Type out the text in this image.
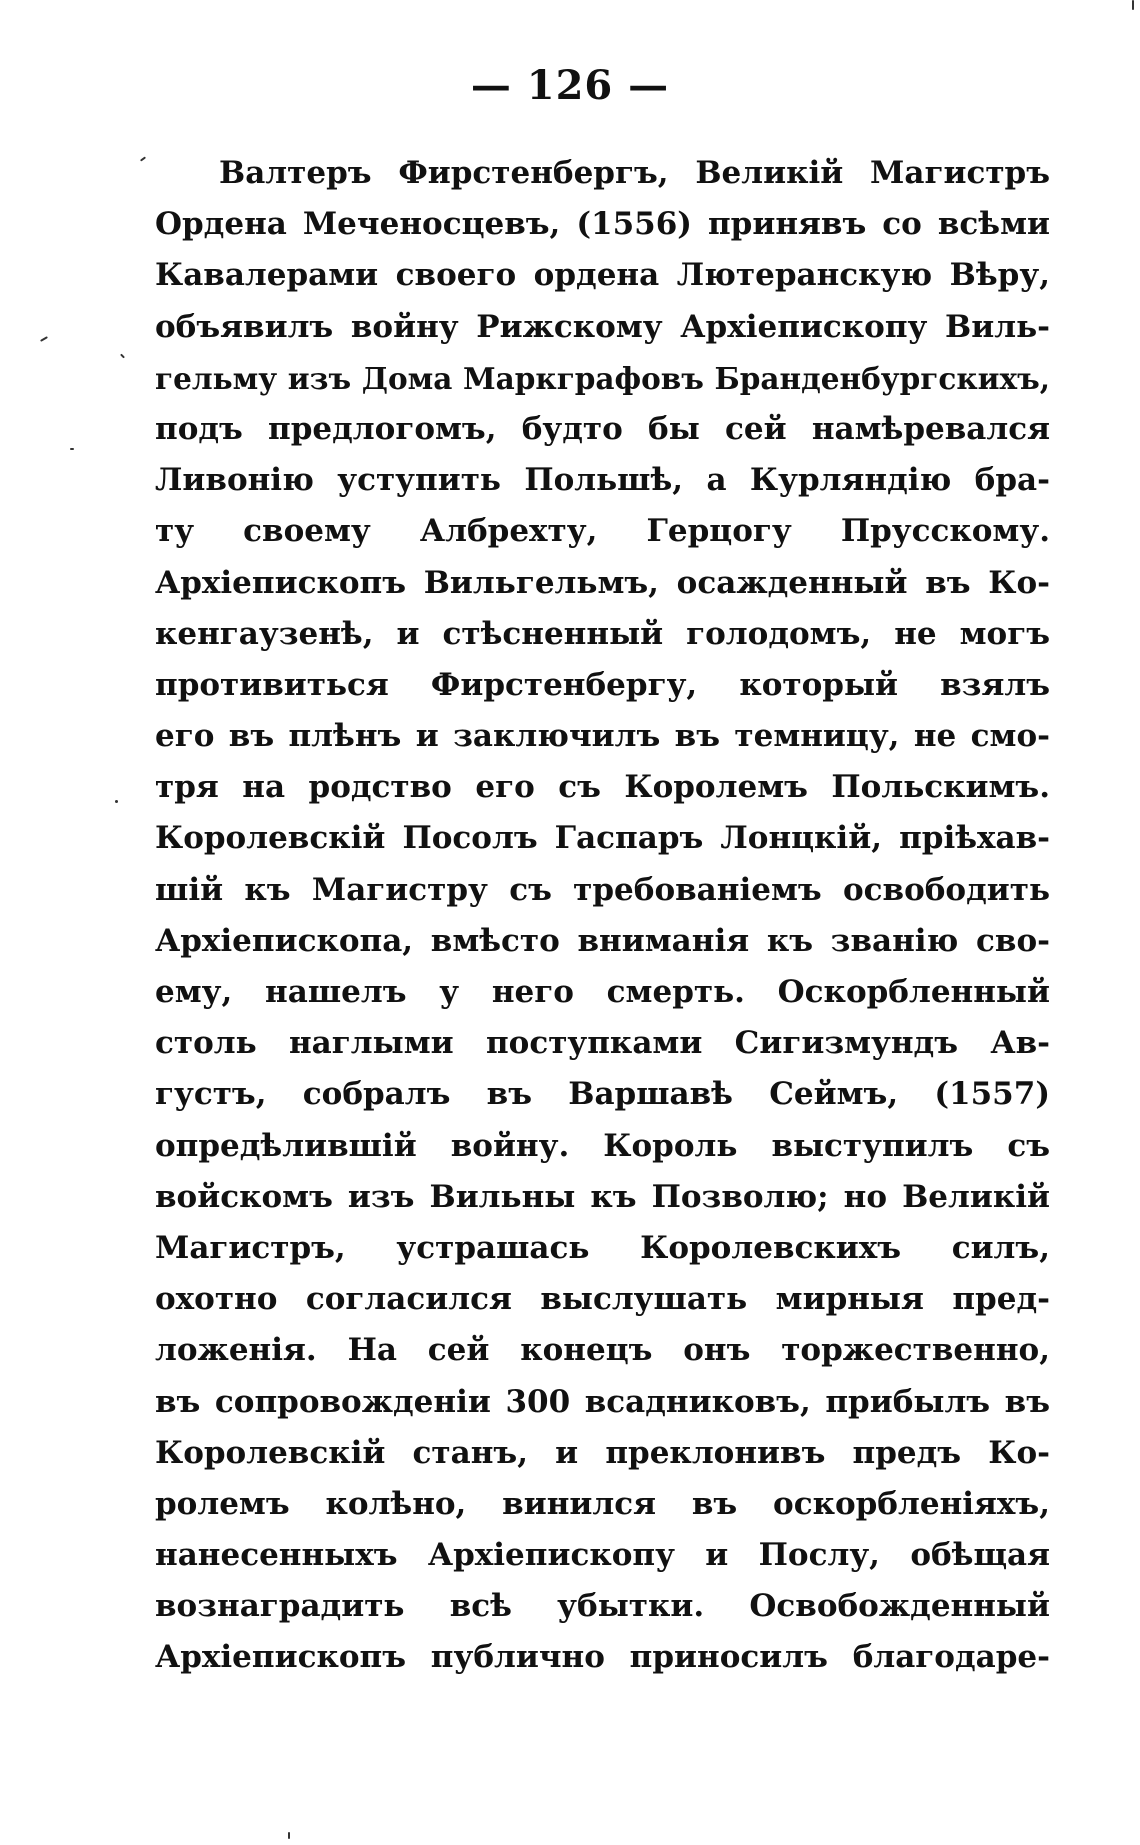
— 126 —
Валтеръ Фирстенбергъ, Великій Магистръ
Ордена Меченосцевъ, (1556) принявъ со всѣми
Кавалерами своего ордена Лютеранскую Вѣру,
объявилъ войну Рижскому Архіепископу Виль-
гельму изъ Дома Маркграфовъ Бранденбургскихъ,
подъ предлогомъ, будто бы сей намѣревался
Ливонію уступить Польшѣ, а Курляндію бра-
ту своему Албрехту, Герцогу Прусскому.
Архіепископъ Вильгельмъ, осажденный въ Ко-
кенгаузенѣ, и стѣсненный голодомъ, не могъ
противиться Фирстенбергу, который взялъ
его въ плѣнъ и заключилъ въ темницу, не смо-
тря на родство его съ Королемъ Польскимъ.
Королевскій Посолъ Гаспаръ Лонцкій, пріѣхав-
шій къ Магистру съ требованіемъ освободить
Архіепископа, вмѣсто вниманія къ званію сво-
ему, нашелъ у него смерть. Оскорбленный
столь наглыми поступками Сигизмундъ Ав-
густъ, собралъ въ Варшавѣ Сеймъ, (1557)
опредѣлившій войну. Король выступилъ съ
войскомъ изъ Вильны къ Позволю; но Великій
Магистръ, устрашась Королевскихъ силъ,
охотно согласился выслушать мирныя пред-
ложенія. На сей конецъ онъ торжественно,
въ сопровожденіи 300 всадниковъ, прибылъ въ
Королевскій станъ, и преклонивъ предъ Ко-
ролемъ колѣно, винился въ оскорбленіяхъ,
нанесенныхъ Архіепископу и Послу, обѣщая
вознаградить всѣ убытки. Освобожденный
Архіепископъ публично приносилъ благодаре-
